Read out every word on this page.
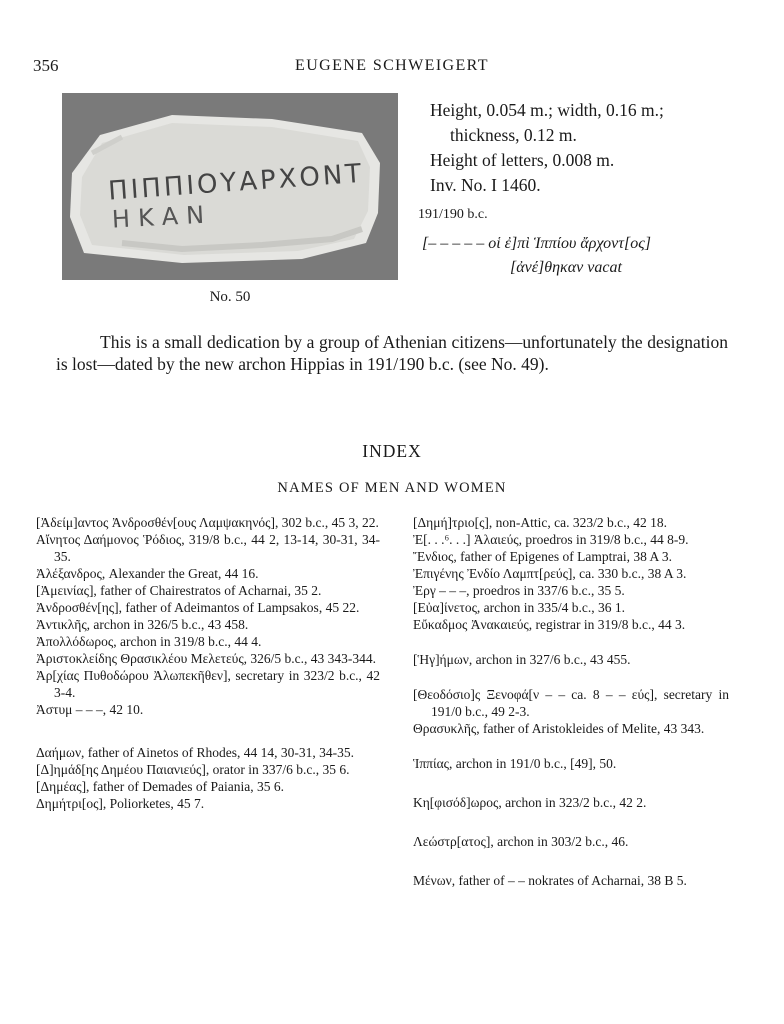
356	EUGENE SCHWEIGERT
ΠΙΠΠΙΟΥΑΡΧΟΝΤ
ΗΚΑΝ
No. 50
Height, 0.054 m.; width, 0.16 m.;
thickness, 0.12 m.
Height of letters, 0.008 m.
Inv. No. I 1460.
191/190 b.c.
[– – – – – οἱ ἐ]πὶ Ἱππίου ἄρχοντ[ος]
[ἀνέ]θηκαν vacat
This is a small dedication by a group of Athenian citizens—unfortunately the designation is lost—dated by the new archon Hippias in 191/190 b.c. (see No. 49).
INDEX
NAMES OF MEN AND WOMEN
[Ἀδείμ]αντος Ἀνδροσθέν[ους Λαμψακηνός], 302 b.c., 45 3, 22.
Αἴνητος Δαήμονος Ῥόδιος, 319/8 b.c., 44 2, 13-14, 30-31, 34-35.
Ἀλέξανδρος, Alexander the Great, 44 16.
[Ἀμεινίας], father of Chairestratos of Acharnai, 35 2.
Ἀνδροσθέν[ης], father of Adeimantos of Lampsakos, 45 22.
Ἀντικλῆς, archon in 326/5 b.c., 43 458.
Ἀπολλόδωρος, archon in 319/8 b.c., 44 4.
Ἀριστοκλείδης Θρασικλέου Μελετεύς, 326/5 b.c., 43 343-344.
Ἀρ[χίας Πυθοδώρου Ἀλωπεκῆθεν], secretary in 323/2 b.c., 42 3-4.
Ἀστυμ – – –, 42 10.
Δαήμων, father of Ainetos of Rhodes, 44 14, 30-31, 34-35.
[Δ]ημάδ[ης Δημέου Παιανιεύς], orator in 337/6 b.c., 35 6.
[Δημέας], father of Demades of Paiania, 35 6.
Δημήτρι[ος], Poliorketes, 45 7.
[Δημή]τριο[ς], non-Attic, ca. 323/2 b.c., 42 18.
Ἐ[. . .⁶. . .] Ἁλαιεύς, proedros in 319/8 b.c., 44 8-9.
Ἔνδιος, father of Epigenes of Lamptrai, 38 A 3.
Ἐπιγένης Ἐνδίο Λαμπτ[ρεύς], ca. 330 b.c., 38 A 3.
Ἐργ – – –, proedros in 337/6 b.c., 35 5.
[Εὐα]ίνετος, archon in 335/4 b.c., 36 1.
Εὔκαδμος Ἀνακαιεύς, registrar in 319/8 b.c., 44 3.
[Ἡγ]ήμων, archon in 327/6 b.c., 43 455.
[Θεοδόσιο]ς Ξενοφά[ν – – ca. 8 – – εύς], secretary in 191/0 b.c., 49 2-3.
Θρασυκλῆς, father of Aristokleides of Melite, 43 343.
Ἱππίας, archon in 191/0 b.c., [49], 50.
Κη[φισόδ]ωρος, archon in 323/2 b.c., 42 2.
Λεώστρ[ατος], archon in 303/2 b.c., 46.
Μένων, father of – – nokrates of Acharnai, 38 B 5.
